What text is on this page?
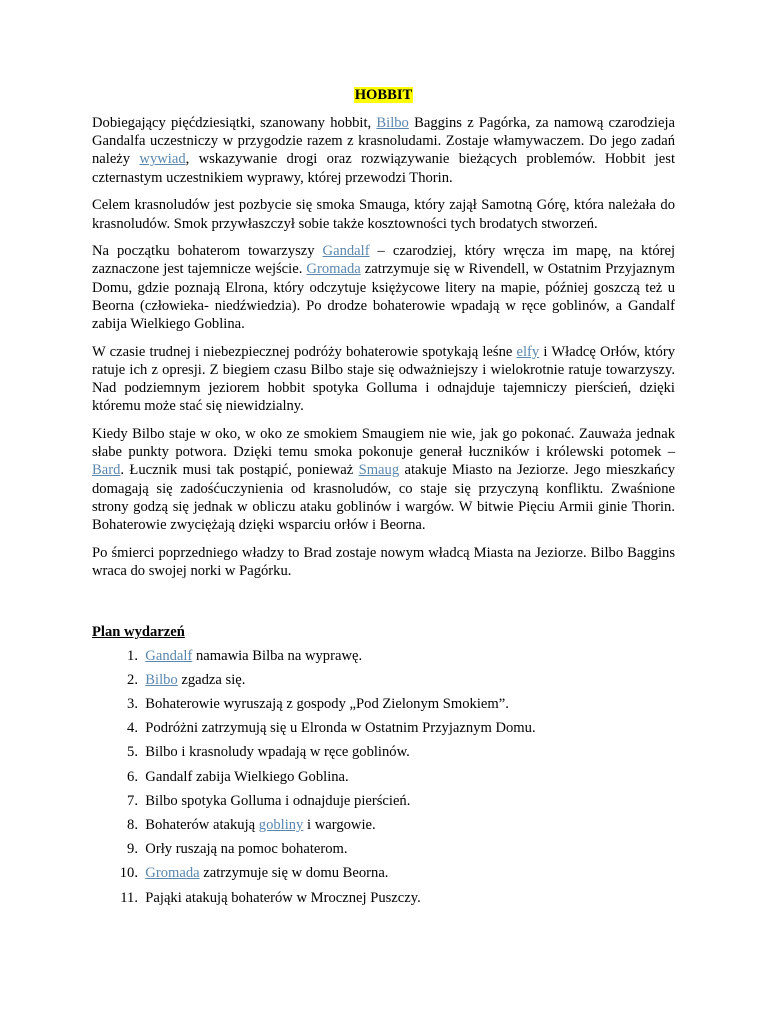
HOBBIT

Dobiegający pięćdziesiątki, szanowany hobbit, Bilbo Baggins z Pagórka, za namową czarodzieja Gandalfa uczestniczy w przygodzie razem z krasnoludami. Zostaje włamywaczem. Do jego zadań należy wywiad, wskazywanie drogi oraz rozwiązywanie bieżących problemów. Hobbit jest czternastym uczestnikiem wyprawy, której przewodzi Thorin.

Celem krasnoludów jest pozbycie się smoka Smauga, który zajął Samotną Górę, która należała do krasnoludów. Smok przywłaszczył sobie także kosztowności tych brodatych stworzeń.

Na początku bohaterom towarzyszy Gandalf – czarodziej, który wręcza im mapę, na której zaznaczone jest tajemnicze wejście. Gromada zatrzymuje się w Rivendell, w Ostatnim Przyjaznym Domu, gdzie poznają Elrona, który odczytuje księżycowe litery na mapie, później goszczą też u Beorna (człowieka- niedźwiedzia). Po drodze bohaterowie wpadają w ręce goblinów, a Gandalf zabija Wielkiego Goblina.

W czasie trudnej i niebezpiecznej podróży bohaterowie spotykają leśne elfy i Władcę Orłów, który ratuje ich z opresji. Z biegiem czasu Bilbo staje się odważniejszy i wielokrotnie ratuje towarzyszy. Nad podziemnym jeziorem hobbit spotyka Golluma i odnajduje tajemniczy pierścień, dzięki któremu może stać się niewidzialny.

Kiedy Bilbo staje w oko, w oko ze smokiem Smaugiem nie wie, jak go pokonać. Zauważa jednak słabe punkty potwora. Dzięki temu smoka pokonuje generał łuczników i królewski potomek – Bard. Łucznik musi tak postąpić, ponieważ Smaug atakuje Miasto na Jeziorze. Jego mieszkańcy domagają się zadośćuczynienia od krasnoludów, co staje się przyczyną konfliktu. Zwaśnione strony godzą się jednak w obliczu ataku goblinów i wargów. W bitwie Pięciu Armii ginie Thorin. Bohaterowie zwyciężają dzięki wsparciu orłów i Beorna.

Po śmierci poprzedniego władzy to Brad zostaje nowym władcą Miasta na Jeziorze. Bilbo Baggins wraca do swojej norki w Pagórku.

Plan wydarzeń
1. Gandalf namawia Bilba na wyprawę.
2. Bilbo zgadza się.
3. Bohaterowie wyruszają z gospody „Pod Zielonym Smokiem”.
4. Podróżni zatrzymują się u Elronda w Ostatnim Przyjaznym Domu.
5. Bilbo i krasnoludy wpadają w ręce goblinów.
6. Gandalf zabija Wielkiego Goblina.
7. Bilbo spotyka Golluma i odnajduje pierścień.
8. Bohaterów atakują gobliny i wargowie.
9. Orły ruszają na pomoc bohaterom.
10. Gromada zatrzymuje się w domu Beorna.
11. Pająki atakują bohaterów w Mrocznej Puszczy.
